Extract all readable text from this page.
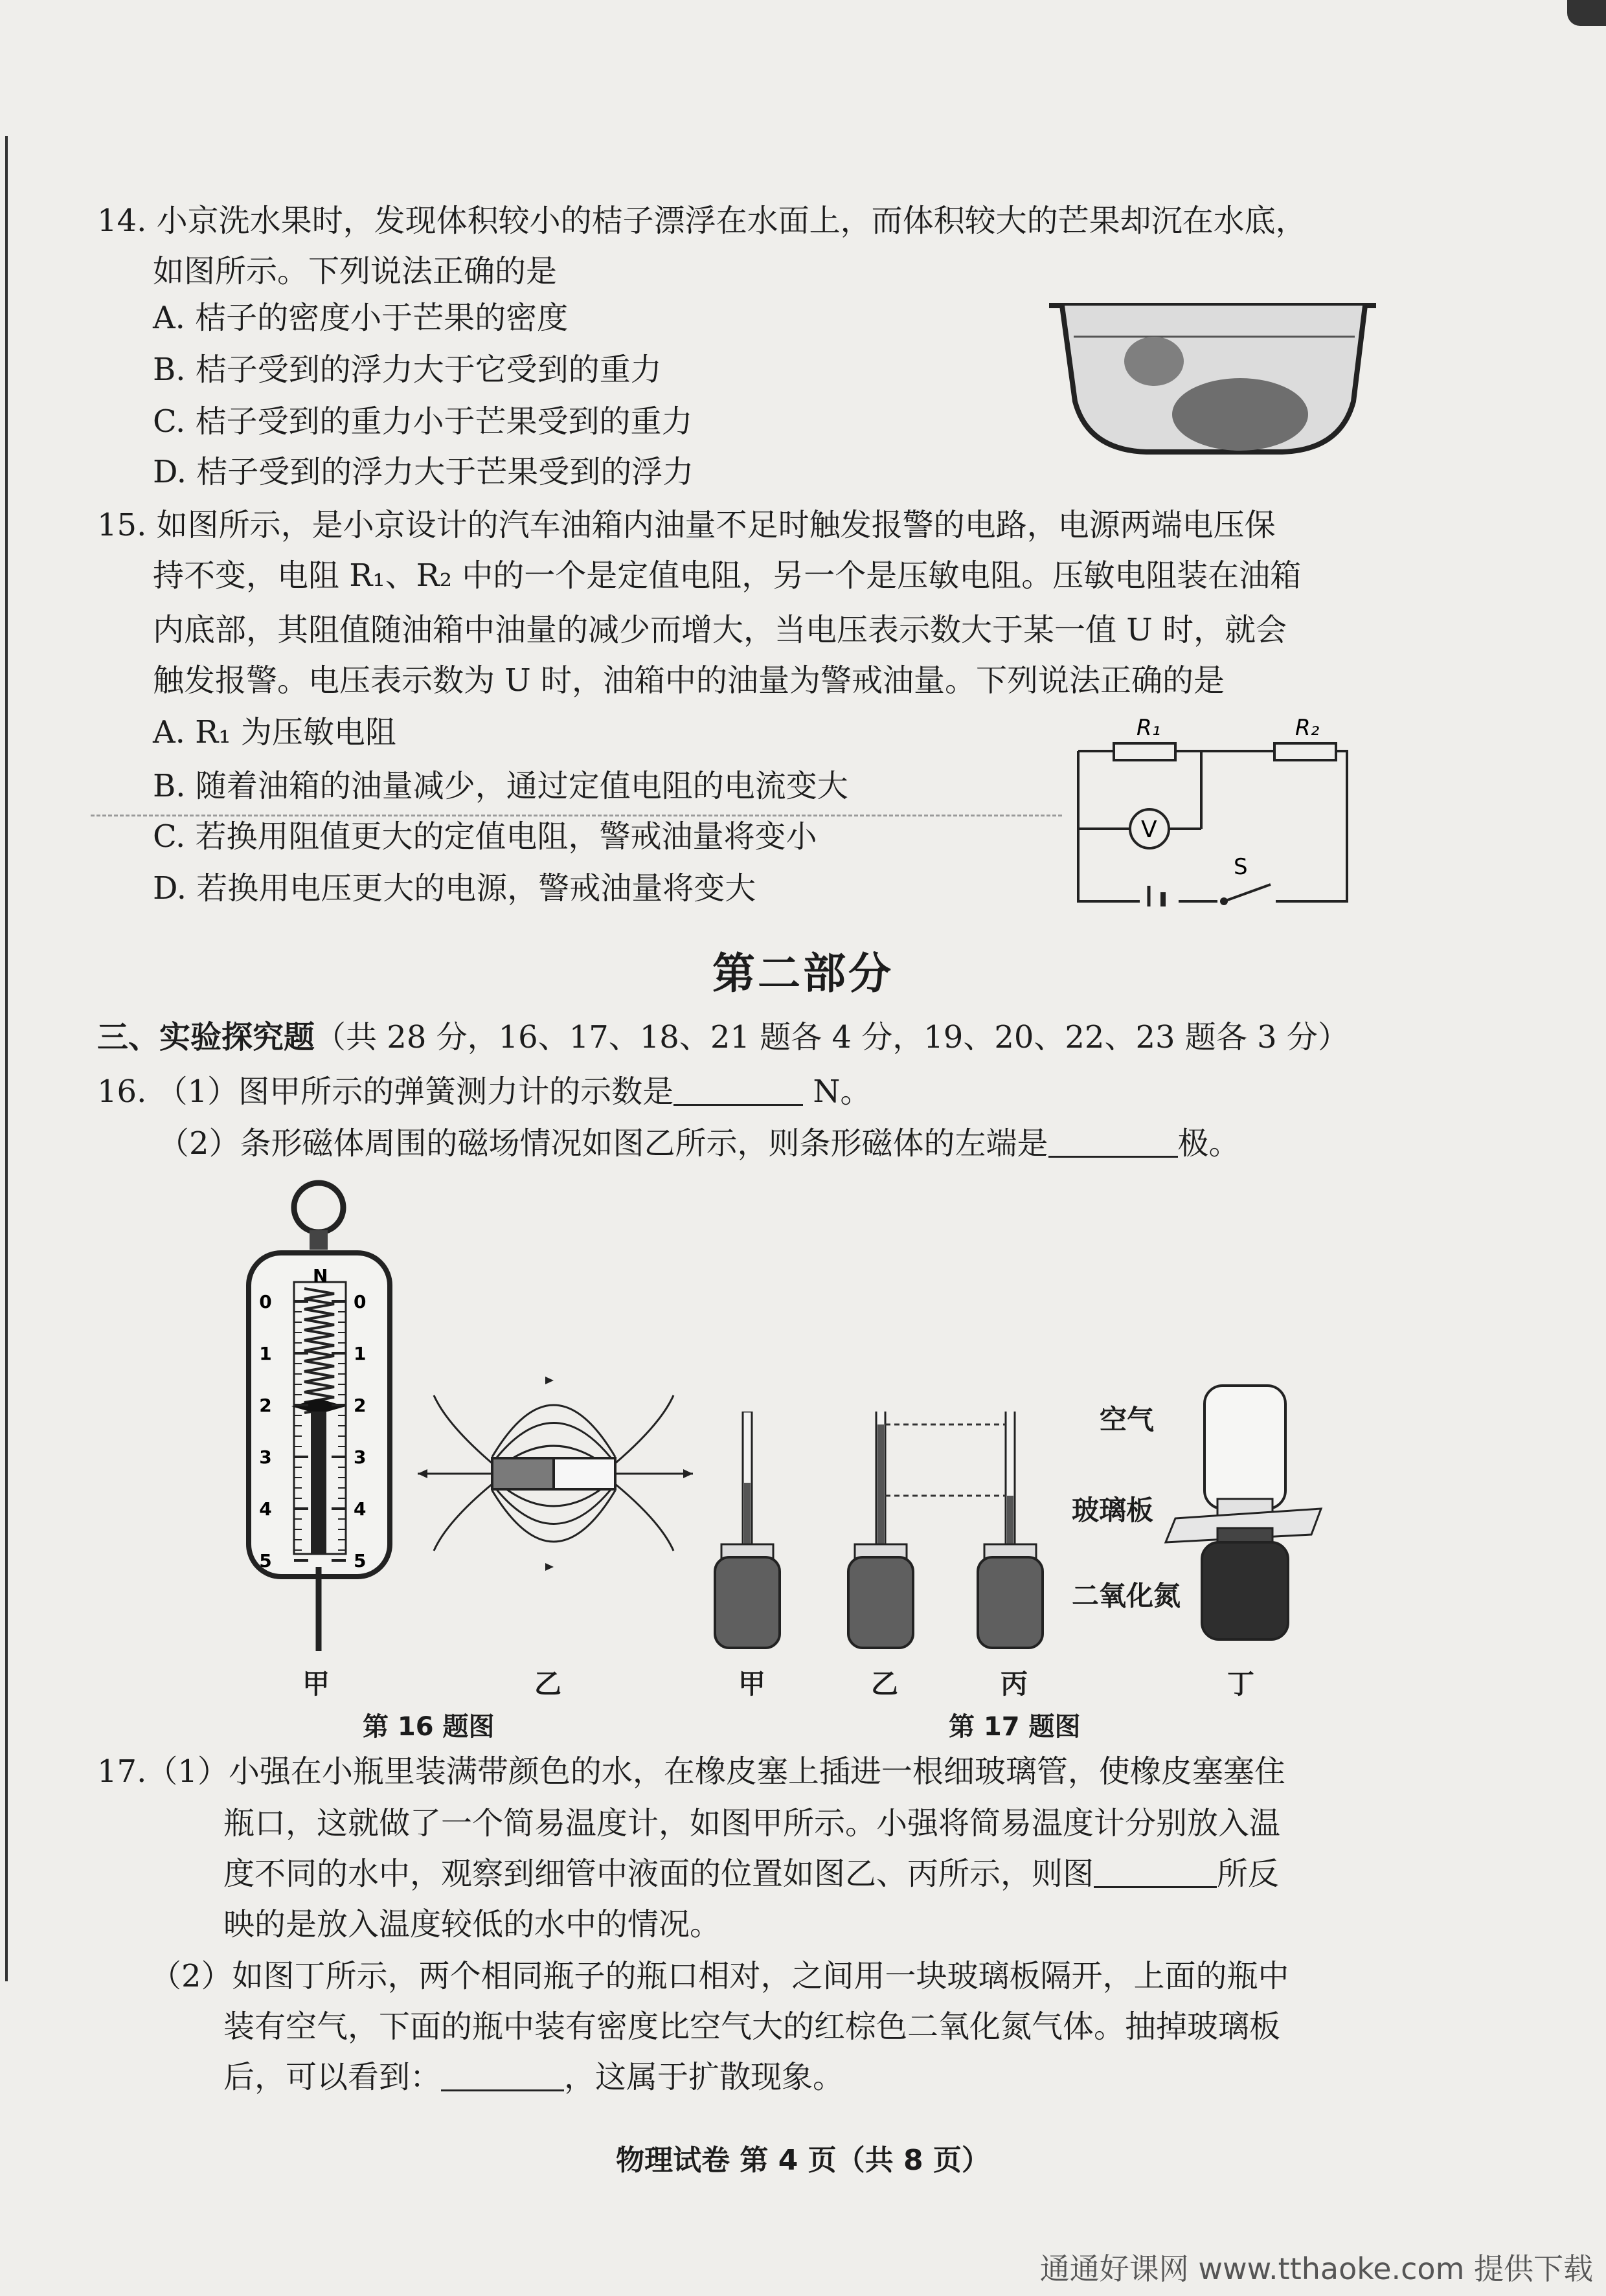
14. 小京洗水果时，发现体积较小的桔子漂浮在水面上，而体积较大的芒果却沉在水底，
如图所示。下列说法正确的是
A. 桔子的密度小于芒果的密度
B. 桔子受到的浮力大于它受到的重力
C. 桔子受到的重力小于芒果受到的重力
D. 桔子受到的浮力大于芒果受到的浮力
15. 如图所示，是小京设计的汽车油箱内油量不足时触发报警的电路，电源两端电压保
持不变，电阻 R₁、R₂ 中的一个是定值电阻，另一个是压敏电阻。压敏电阻装在油箱
内底部，其阻值随油箱中油量的减少而增大，当电压表示数大于某一值 U 时，就会
触发报警。电压表示数为 U 时，油箱中的油量为警戒油量。下列说法正确的是
A. R₁ 为压敏电阻
B. 随着油箱的油量减少，通过定值电阻的电流变大
C. 若换用阻值更大的定值电阻，警戒油量将变小
D. 若换用电压更大的电源，警戒油量将变大
R₁	R₂
V
S
第二部分
三、实验探究题（共 28 分，16、17、18、21 题各 4 分，19、20、22、23 题各 3 分）
16. （1）图甲所示的弹簧测力计的示数是	N。
（2）条形磁体周围的磁场情况如图乙所示，则条形磁体的左端是	极。
N
0	0
1	1
2	2
3	3
4	4
5	5
空气
玻璃板
二氧化氮
甲	乙	甲	乙	丙	丁
第 16 题图	第 17 题图
17.（1）小强在小瓶里装满带颜色的水，在橡皮塞上插进一根细玻璃管，使橡皮塞塞住
瓶口，这就做了一个简易温度计，如图甲所示。小强将简易温度计分别放入温
度不同的水中，观察到细管中液面的位置如图乙、丙所示，则图	所反
映的是放入温度较低的水中的情况。
（2）如图丁所示，两个相同瓶子的瓶口相对，之间用一块玻璃板隔开，上面的瓶中
装有空气，下面的瓶中装有密度比空气大的红棕色二氧化氮气体。抽掉玻璃板
后，可以看到：	，这属于扩散现象。
物理试卷 第 4 页（共 8 页）
通通好课网 www.tthaoke.com 提供下载
